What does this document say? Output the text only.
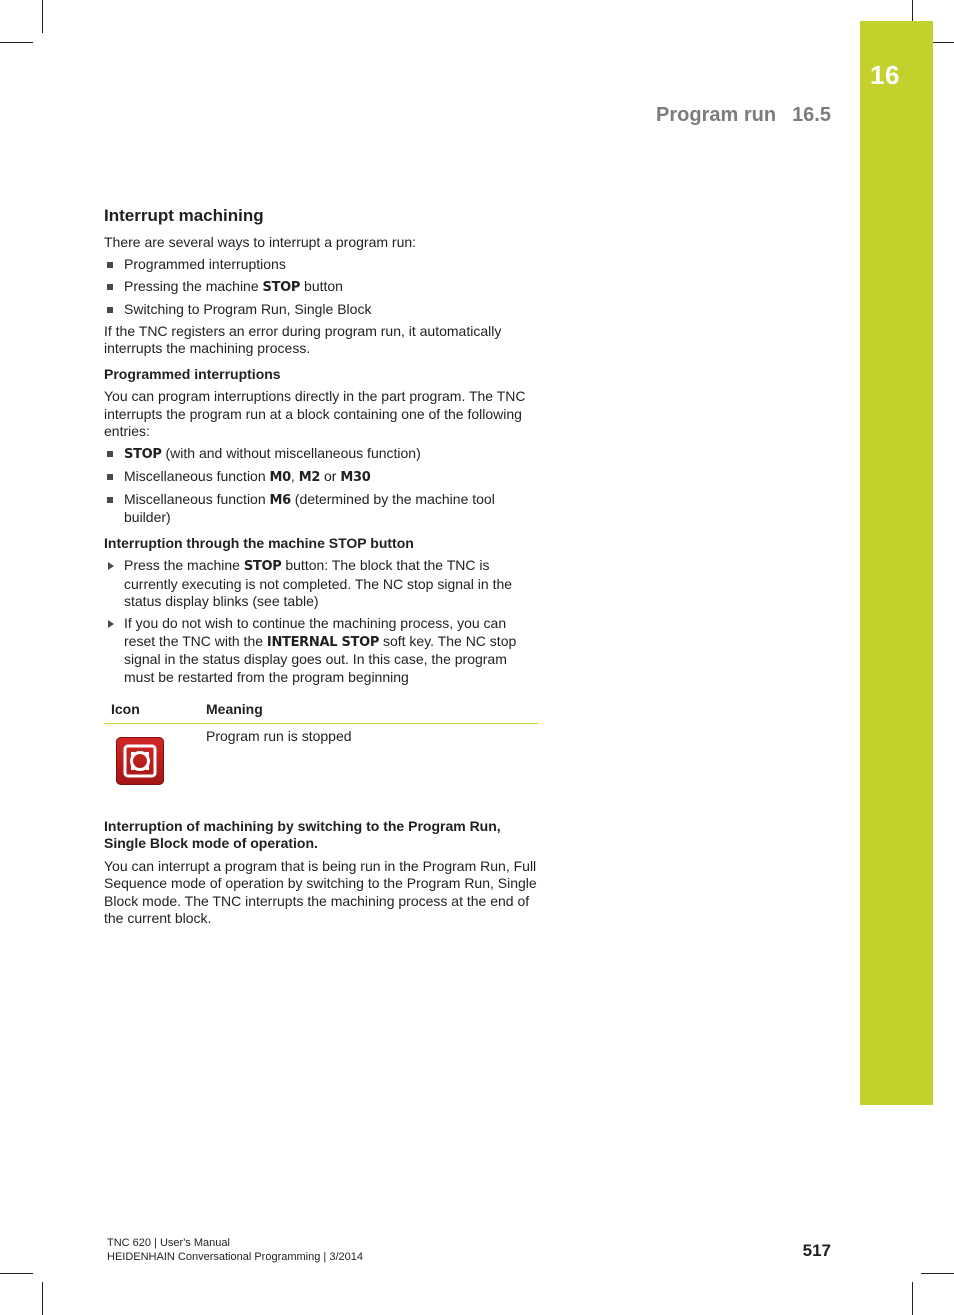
16
Program run 16.5
Interrupt machining

There are several ways to interrupt a program run:

Programmed interruptions
Pressing the machine STOP button
Switching to Program Run, Single Block

If the TNC registers an error during program run, it automatically interrupts the machining process.

Programmed interruptions

You can program interruptions directly in the part program. The TNC interrupts the program run at a block containing one of the following entries:

STOP (with and without miscellaneous function)
Miscellaneous function M0, M2 or M30
Miscellaneous function M6 (determined by the machine tool builder)
Interruption through the machine STOP button
Press the machine STOP button: The block that the TNC is currently executing is not completed. The NC stop signal in the status display blinks (see table)
If you do not wish to continue the machining process, you can reset the TNC with the INTERNAL STOP soft key. The NC stop signal in the status display goes out. In this case, the program must be restarted from the program beginning
Icon	Meaning

	Program run is stopped
Interruption of machining by switching to the Program Run, Single Block mode of operation.

You can interrupt a program that is being run in the Program Run, Full Sequence mode of operation by switching to the Program Run, Single Block mode. The TNC interrupts the machining process at the end of the current block.

TNC 620 | User's Manual
HEIDENHAIN Conversational Programming | 3/2014	517
